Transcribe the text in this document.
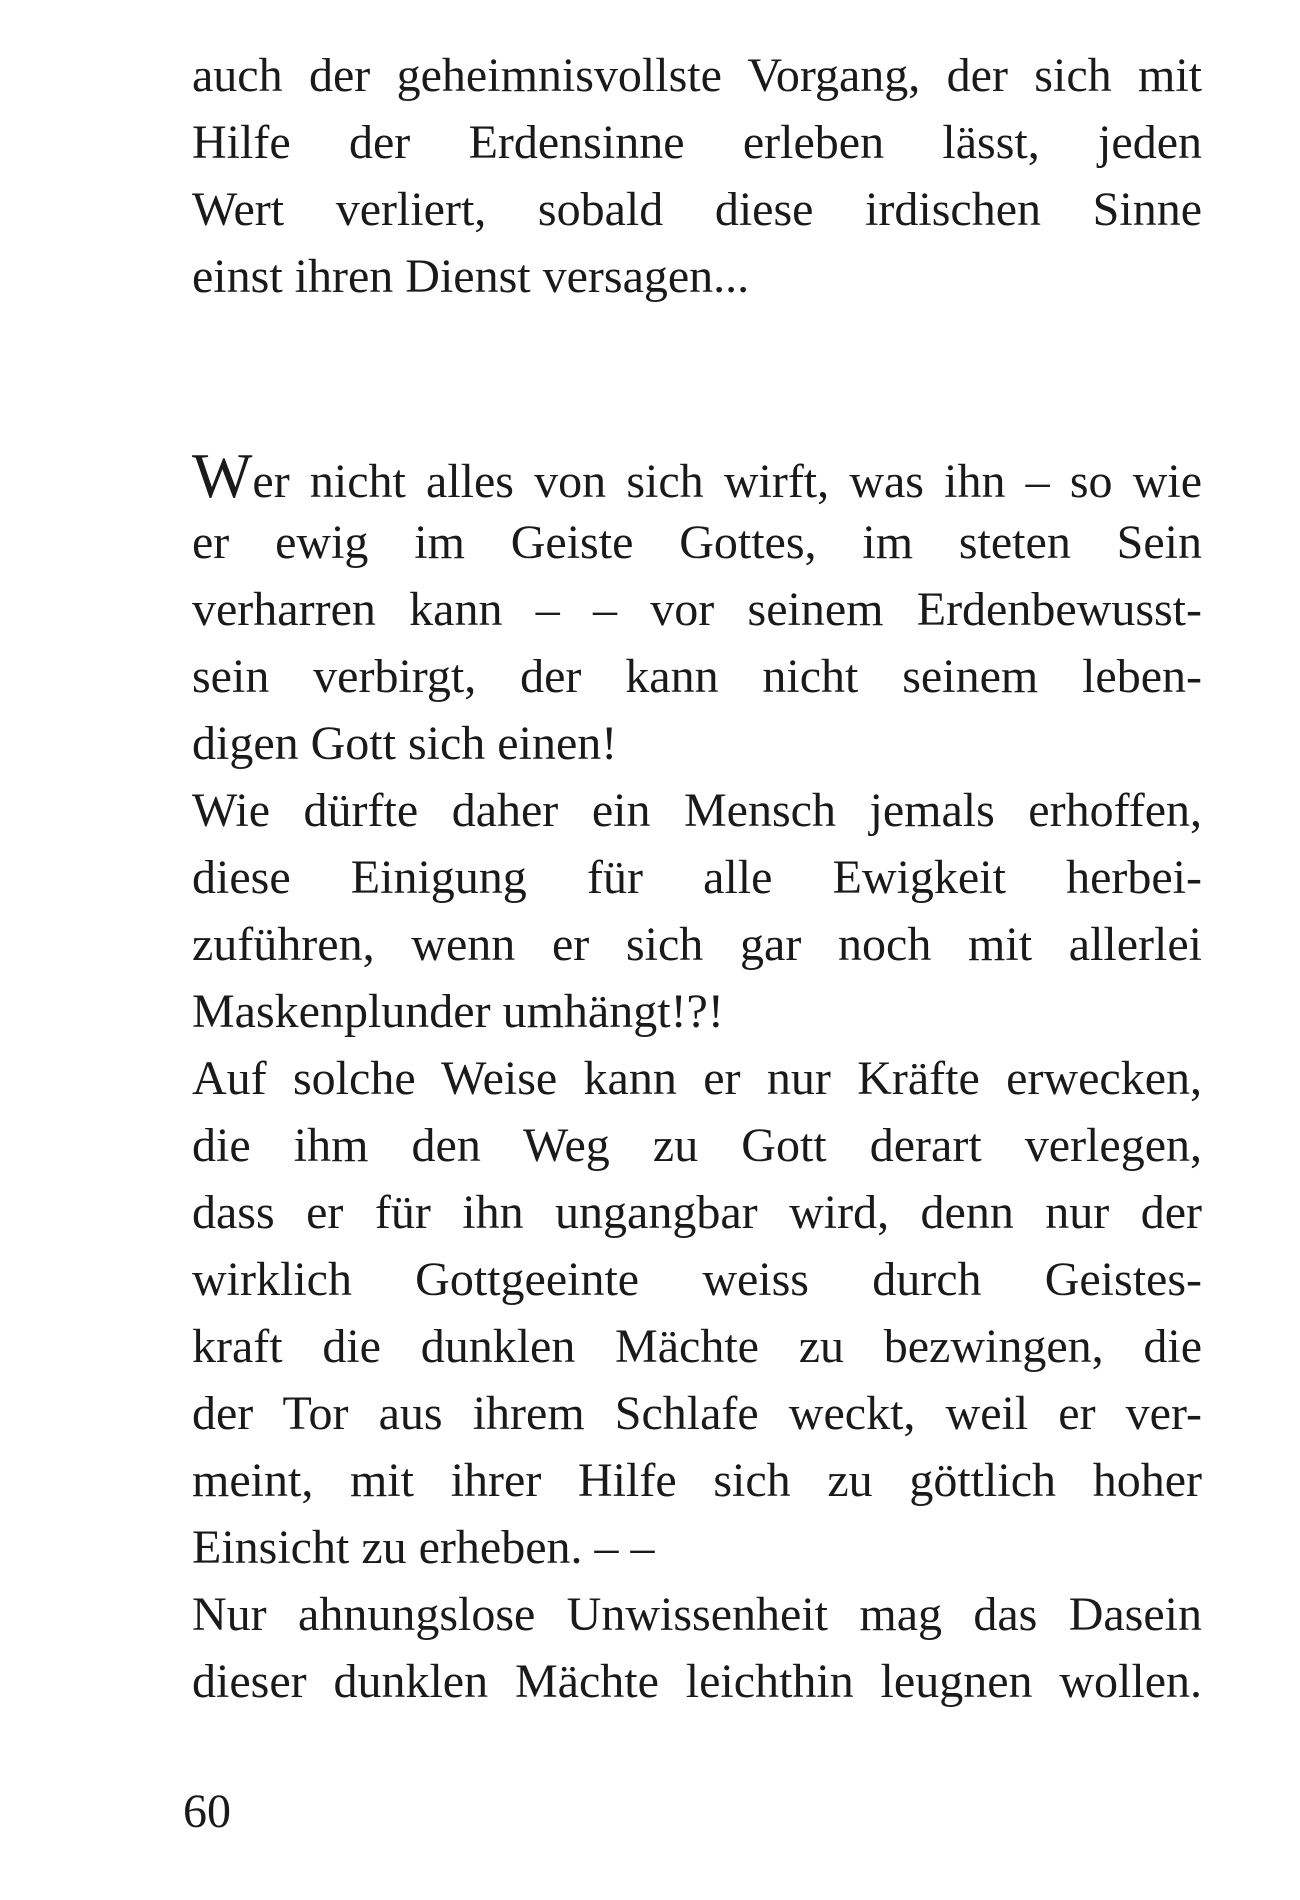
auch der geheimnisvollste Vorgang, der sich mit
Hilfe der Erdensinne erleben lässt, jeden
Wert verliert, sobald diese irdischen Sinne
einst ihren Dienst versagen...
Wer nicht alles von sich wirft, was ihn – so wie
er ewig im Geiste Gottes, im steten Sein
verharren kann – – vor seinem Erdenbewusst-
sein verbirgt, der kann nicht seinem leben-
digen Gott sich einen!
Wie dürfte daher ein Mensch jemals erhoffen,
diese Einigung für alle Ewigkeit herbei-
zuführen, wenn er sich gar noch mit allerlei
Maskenplunder umhängt!?!
Auf solche Weise kann er nur Kräfte erwecken,
die ihm den Weg zu Gott derart verlegen,
dass er für ihn ungangbar wird, denn nur der
wirklich Gottgeeinte weiss durch Geistes-
kraft die dunklen Mächte zu bezwingen, die
der Tor aus ihrem Schlafe weckt, weil er ver-
meint, mit ihrer Hilfe sich zu göttlich hoher
Einsicht zu erheben. – –
Nur ahnungslose Unwissenheit mag das Dasein
dieser dunklen Mächte leichthin leugnen wollen.
60
